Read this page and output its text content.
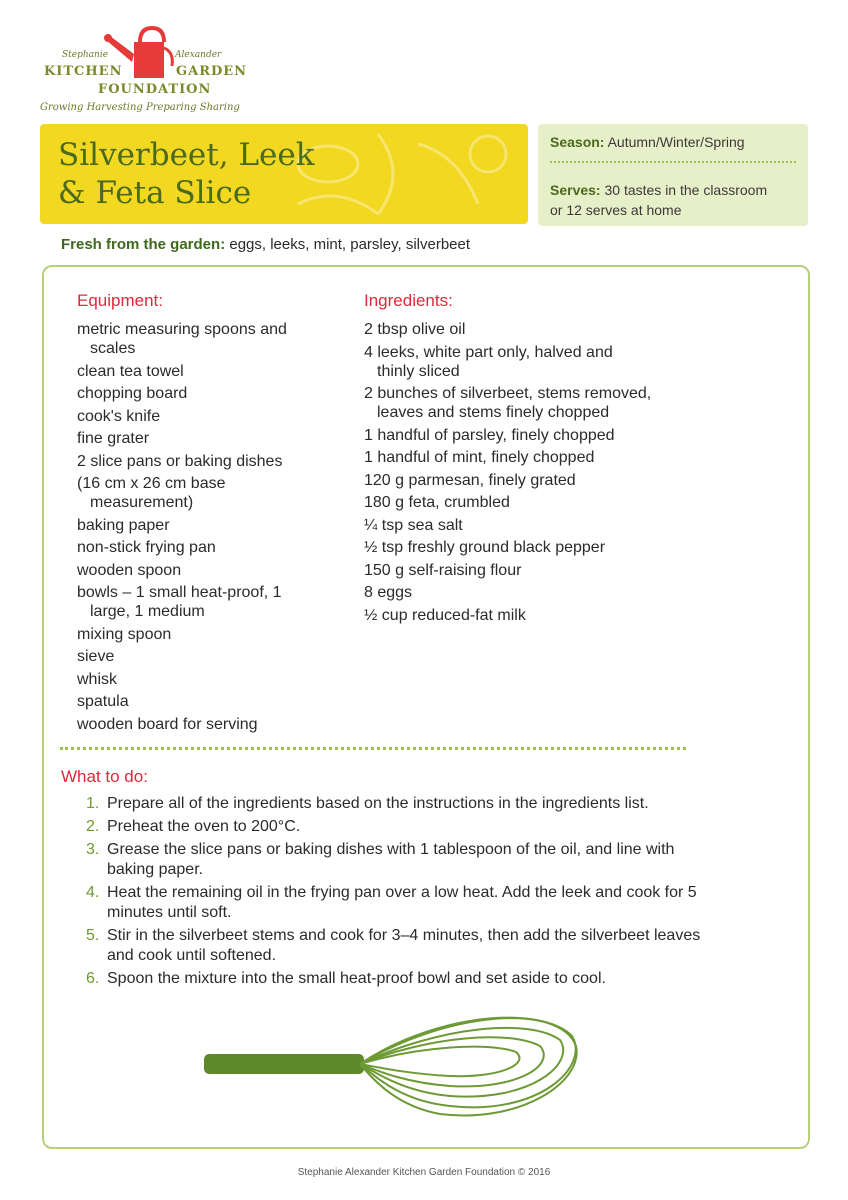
Stephanie	Alexander
KITCHEN	GARDEN
FOUNDATION
Growing Harvesting Preparing Sharing
Silverbeet, Leek
& Feta Slice
Season: Autumn/Winter/Spring
Serves: 30 tastes in the classroom
or 12 serves at home
Fresh from the garden: eggs, leeks, mint, parsley, silverbeet
Equipment:
metric measuring spoons and scales
clean tea towel
chopping board
cook's knife
fine grater
2 slice pans or baking dishes
(16 cm x 26 cm base measurement)
baking paper
non-stick frying pan
wooden spoon
bowls – 1 small heat-proof, 1 large, 1 medium
mixing spoon
sieve
whisk
spatula
wooden board for serving
Ingredients:
2 tbsp olive oil
4 leeks, white part only, halved and thinly sliced
2 bunches of silverbeet, stems removed, leaves and stems finely chopped
1 handful of parsley, finely chopped
1 handful of mint, finely chopped
120 g parmesan, finely grated
180 g feta, crumbled
¼ tsp sea salt
½ tsp freshly ground black pepper
150 g self-raising flour
8 eggs
½ cup reduced-fat milk
What to do:
1. Prepare all of the ingredients based on the instructions in the ingredients list.
2. Preheat the oven to 200°C.
3. Grease the slice pans or baking dishes with 1 tablespoon of the oil, and line with baking paper.
4. Heat the remaining oil in the frying pan over a low heat. Add the leek and cook for 5 minutes until soft.
5. Stir in the silverbeet stems and cook for 3–4 minutes, then add the silverbeet leaves and cook until softened.
6. Spoon the mixture into the small heat-proof bowl and set aside to cool.
Stephanie Alexander Kitchen Garden Foundation © 2016
